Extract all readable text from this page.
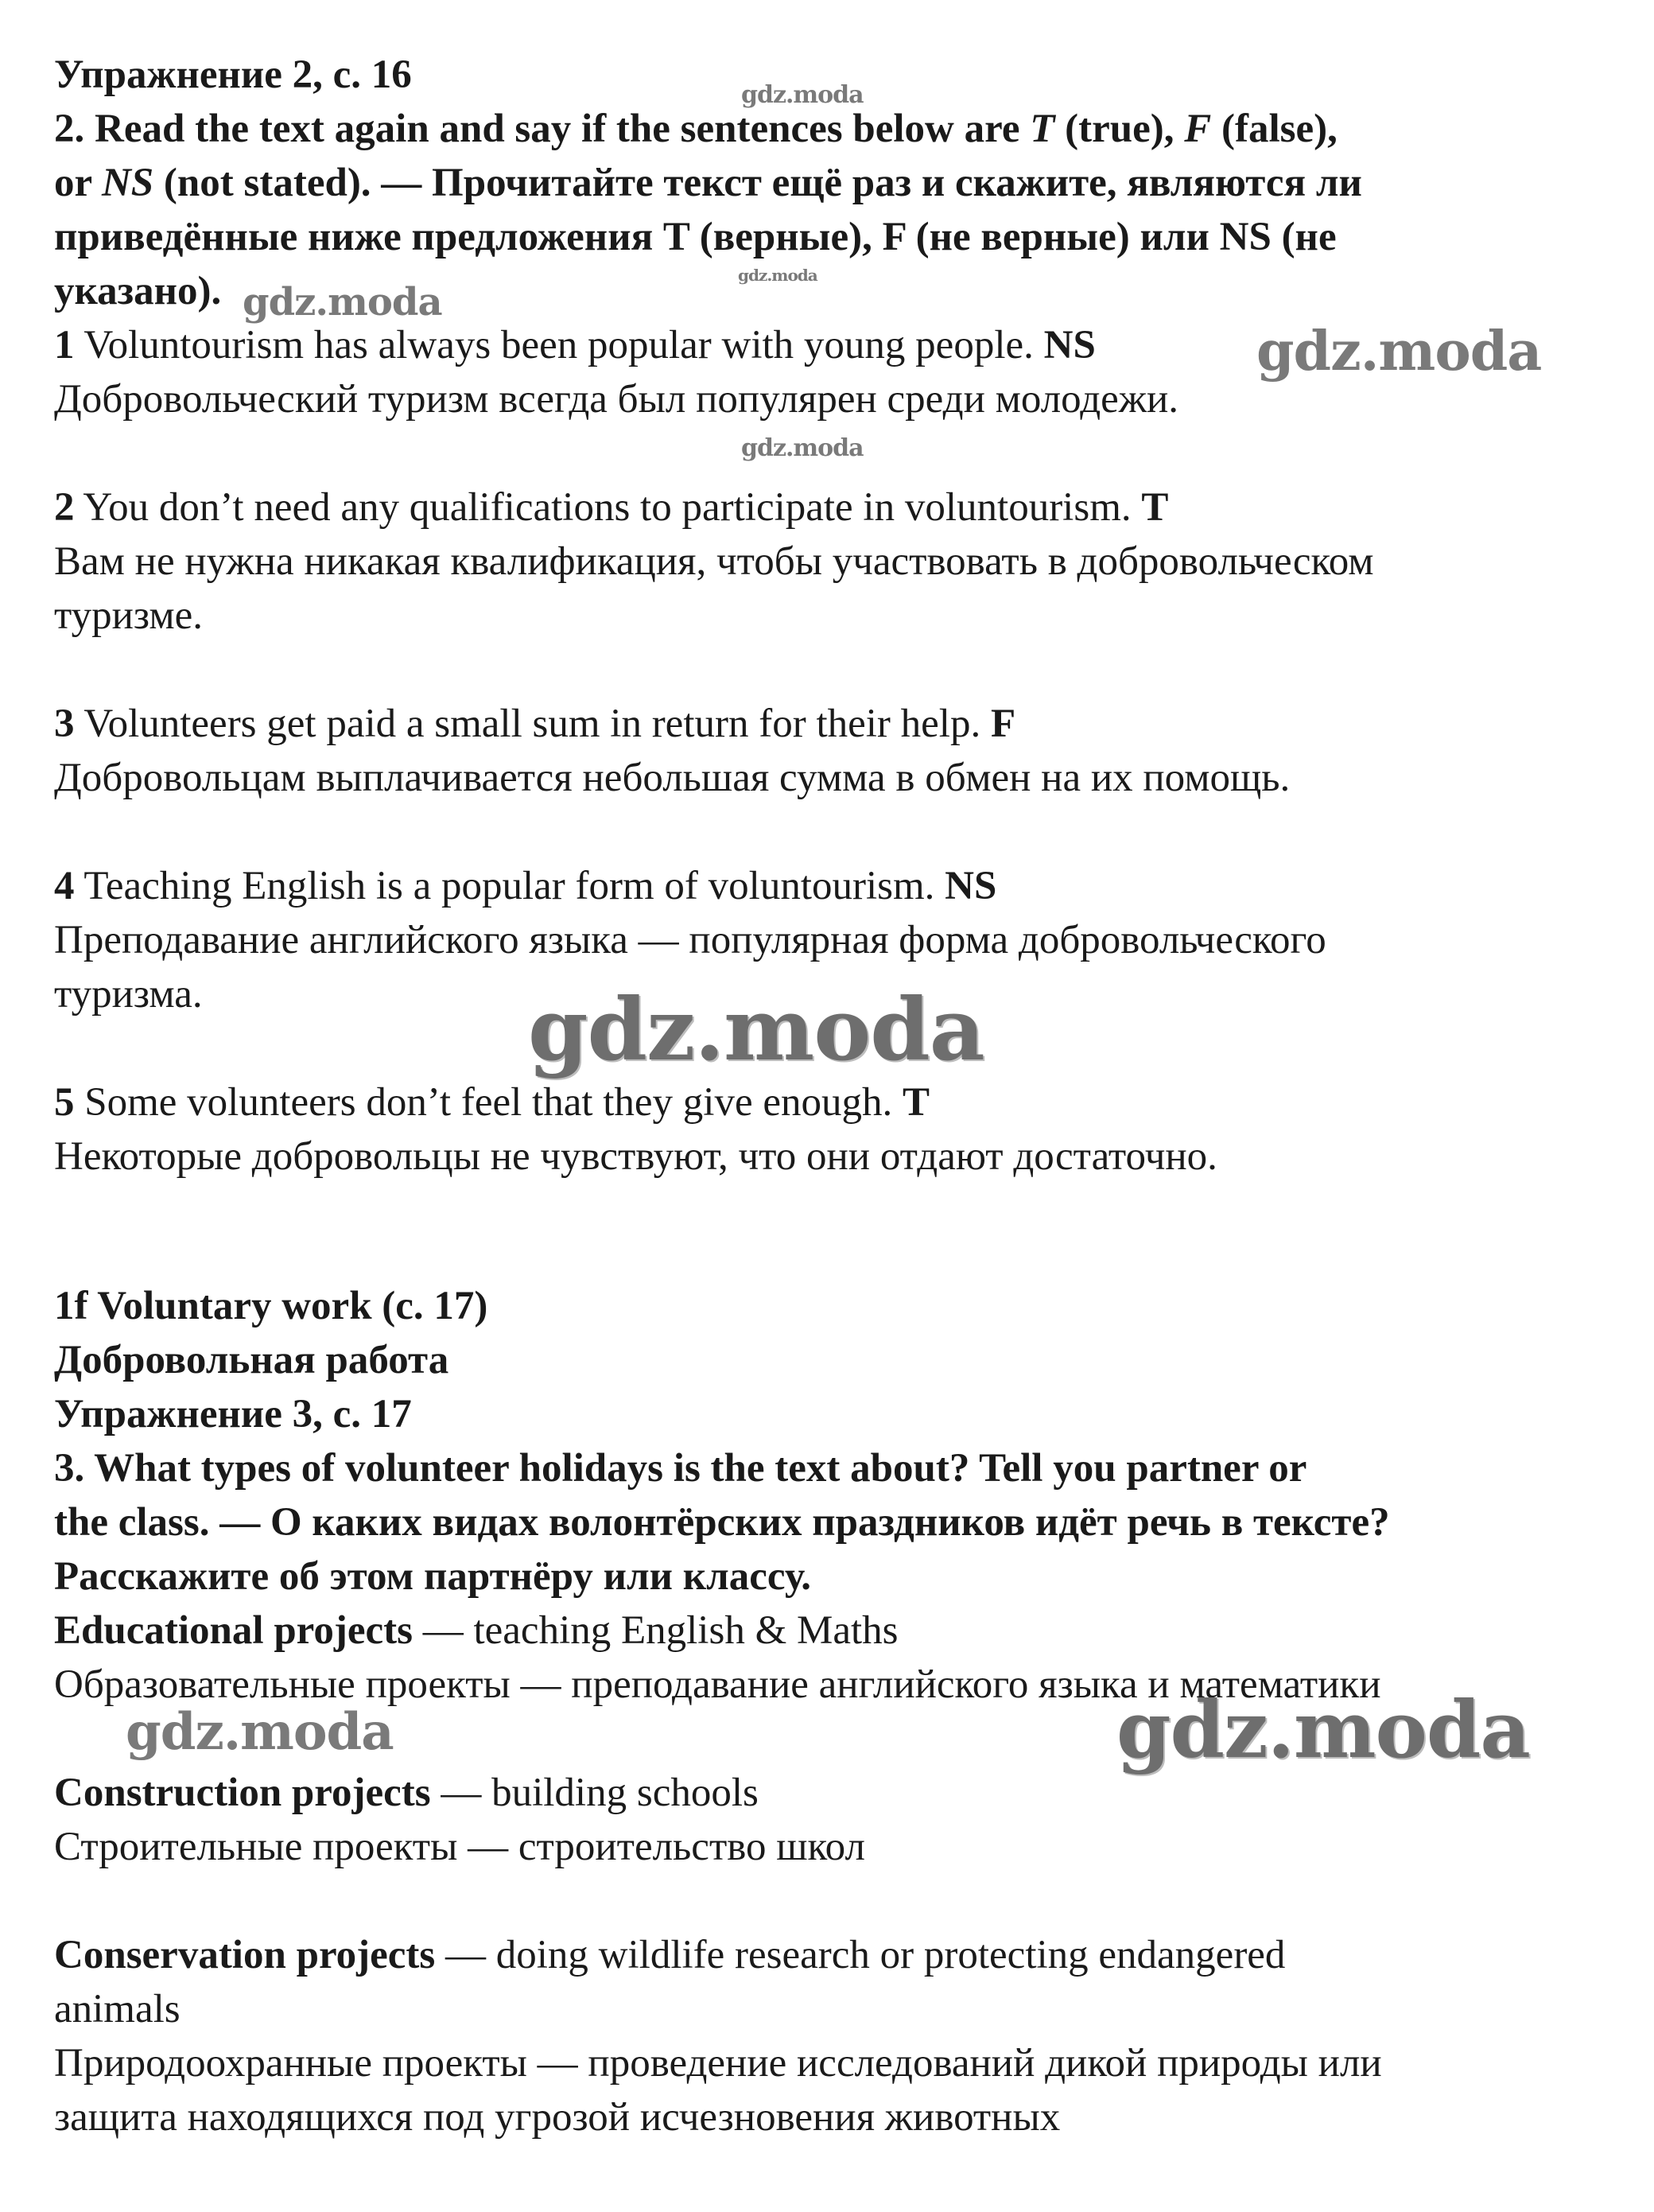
Упражнение 2, с. 16
2. Read the text again and say if the sentences below are T (true), F (false),
or NS (not stated). — Прочитайте текст ещё раз и скажите, являются ли
приведённые ниже предложения T (верные), F (не верные) или NS (не
указано).
1 Voluntourism has always been popular with young people. NS
Добровольческий туризм всегда был популярен среди молодежи.
2 You don’t need any qualifications to participate in voluntourism. T
Вам не нужна никакая квалификация, чтобы участвовать в добровольческом
туризме.
3 Volunteers get paid a small sum in return for their help. F
Добровольцам выплачивается небольшая сумма в обмен на их помощь.
4 Teaching English is a popular form of voluntourism. NS
Преподавание английского языка — популярная форма добровольческого
туризма.
5 Some volunteers don’t feel that they give enough. T
Некоторые добровольцы не чувствуют, что они отдают достаточно.
1f Voluntary work (с. 17)
Добровольная работа
Упражнение 3, с. 17
3. What types of volunteer holidays is the text about? Tell you partner or
the class. — О каких видах волонтёрских праздников идёт речь в тексте?
Расскажите об этом партнёру или классу.
Educational projects — teaching English & Maths
Образовательные проекты — преподавание английского языка и математики
Construction projects — building schools
Строительные проекты — строительство школ
Conservation projects — doing wildlife research or protecting endangered
animals
Природоохранные проекты — проведение исследований дикой природы или
защита находящихся под угрозой исчезновения животных
gdz.moda
gdz.moda
gdz.moda
gdz.moda
gdz.moda
gdz.moda
gdz.moda	gdz.moda
